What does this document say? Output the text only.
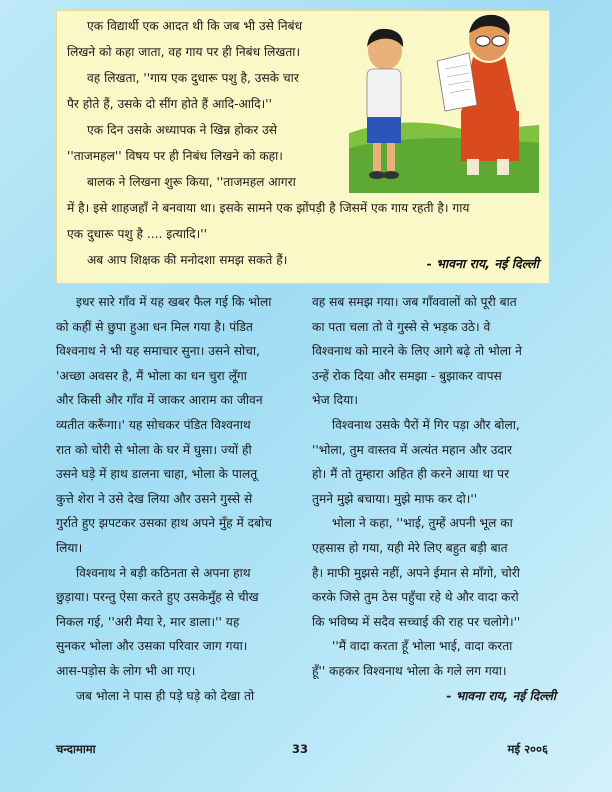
एक विद्यार्थी एक आदत थी कि जब भी उसे निबंध
लिखने को कहा जाता, वह गाय पर ही निबंध लिखता।
वह लिखता, ''गाय एक दुधारू पशु है, उसके चार
पैर होते हैं, उसके दो सींग होते हैं आदि-आदि।''
एक दिन उसके अध्यापक ने खिन्न होकर उसे
''ताजमहल'' विषय पर ही निबंध लिखने को कहा।
बालक ने लिखना शुरू किया, ''ताजमहल आगरा
में है। इसे शाहजहाँ ने बनवाया था। इसके सामने एक झोंपड़ी है जिसमें एक गाय रहती है। गाय
एक दुधारू पशु है .... इत्यादि।''
अब आप शिक्षक की मनोदशा समझ सकते हैं।	- भावना राय, नई दिल्ली
इधर सारे गाँव में यह खबर फैल गई कि भोला
को कहीं से छुपा हुआ धन मिल गया है। पंडित
विश्वनाथ ने भी यह समाचार सुना। उसने सोचा,
'अच्छा अवसर है, मैं भोला का धन चुरा लूँगा
और किसी और गाँव में जाकर आराम का जीवन
व्यतीत करूँगा।' यह सोचकर पंडित विश्वनाथ
रात को चोरी से भोला के घर में घुसा। ज्यों ही
उसने घड़े में हाथ डालना चाहा, भोला के पालतू
कुत्ते शेरा ने उसे देख लिया और उसने गुस्से से
गुर्राते हुए झपटकर उसका हाथ अपने मुँह में दबोच
लिया।
विश्वनाथ ने बड़ी कठिनता से अपना हाथ
छुड़ाया। परन्तु ऐसा करते हुए उसकेमुँह से चीख
निकल गई, ''अरी मैया रे, मार डाला।'' यह
सुनकर भोला और उसका परिवार जाग गया।
आस-पड़ोस के लोग भी आ गए।
जब भोला ने पास ही पड़े घड़े को देखा तो
वह सब समझ गया। जब गाँववालों को पूरी बात
का पता चला तो वे गुस्से से भड़क उठे। वे
विश्वनाथ को मारने के लिए आगे बढ़े तो भोला ने
उन्हें रोक दिया और समझा - बुझाकर वापस
भेज दिया।
विश्वनाथ उसके पैरों में गिर पड़ा और बोला,
''भोला, तुम वास्तव में अत्यंत महान और उदार
हो। मैं तो तुम्हारा अहित ही करने आया था पर
तुमने मुझे बचाया। मुझे माफ कर दो।''
भोला ने कहा, ''भाई, तुम्हें अपनी भूल का
एहसास हो गया, यही मेरे लिए बहुत बड़ी बात
है। माफी मुझसे नहीं, अपने ईमान से माँगो, चोरी
करके जिसे तुम ठेस पहुँचा रहे थे और वादा करो
कि भविष्य में सदैव सच्चाई की राह पर चलोगे।''
''मैं वादा करता हूँ भोला भाई, वादा करता
हूँ'' कहकर विश्वनाथ भोला के गले लग गया।
- भावना राय, नई दिल्ली
चन्दामामा	33	मई २००६
